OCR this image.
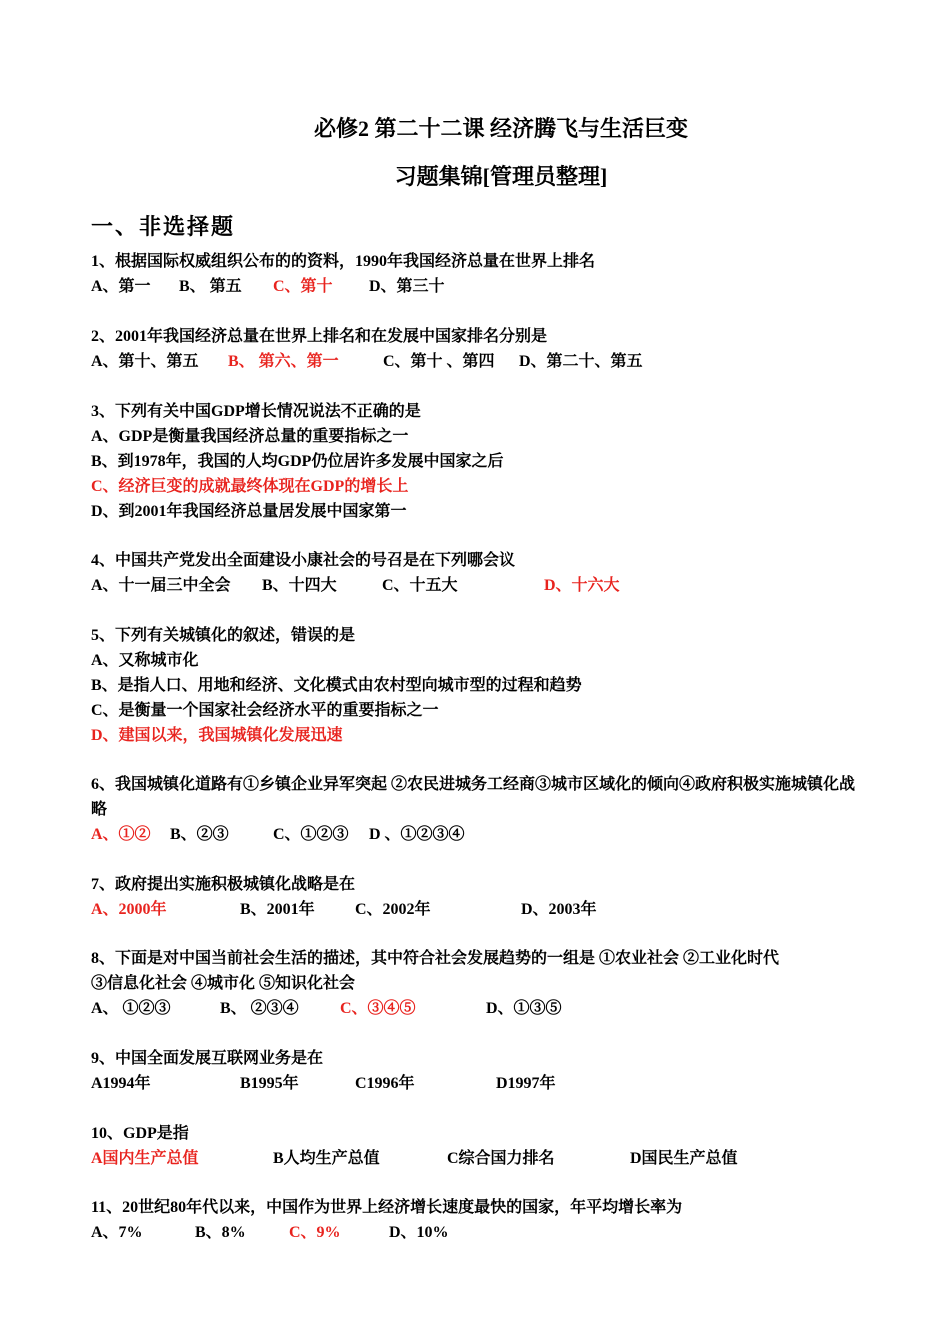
必修2 第二十二课 经济腾飞与生活巨变
习题集锦[管理员整理]
一、非选择题
1、根据国际权威组织公布的的资料，1990年我国经济总量在世界上排名
A、第一 B、 第五 C、第十 D、第三十
2、2001年我国经济总量在世界上排名和在发展中国家排名分别是
A、第十、第五 B、 第六、第一	C、第十 、第四 D、第二十、第五
3、下列有关中国GDP增长情况说法不正确的是
A、GDP是衡量我国经济总量的重要指标之一
B、到1978年，我国的人均GDP仍位居许多发展中国家之后
C、经济巨变的成就最终体现在GDP的增长上
D、到2001年我国经济总量居发展中国家第一
4、中国共产党发出全面建设小康社会的号召是在下列哪会议
A、十一届三中全会 B、十四大	C、十五大	D、十六大
5、下列有关城镇化的叙述，错误的是
A、又称城市化
B、是指人口、用地和经济、文化模式由农村型向城市型的过程和趋势
C、是衡量一个国家社会经济水平的重要指标之一
D、建国以来，我国城镇化发展迅速
6、我国城镇化道路有①乡镇企业异军突起 ②农民进城务工经商③城市区域化的倾向④政府积极实施城镇化战略
A、①② B、②③	C、①②③ D 、①②③④
7、政府提出实施积极城镇化战略是在
A、2000年	B、2001年	C、2002年	D、2003年
8、下面是对中国当前社会生活的描述，其中符合社会发展趋势的一组是 ①农业社会 ②工业化时代
③信息化社会 ④城市化 ⑤知识化社会
A、 ①②③	B、 ②③④	C、③④⑤	D、①③⑤
9、中国全面发展互联网业务是在
A1994年	B1995年	C1996年	D1997年
10、GDP是指
A国内生产总值	B人均生产总值	C综合国力排名	D国民生产总值
11、20世纪80年代以来，中国作为世界上经济增长速度最快的国家，年平均增长率为
A、7%	B、8%	C、9%	D、10%
